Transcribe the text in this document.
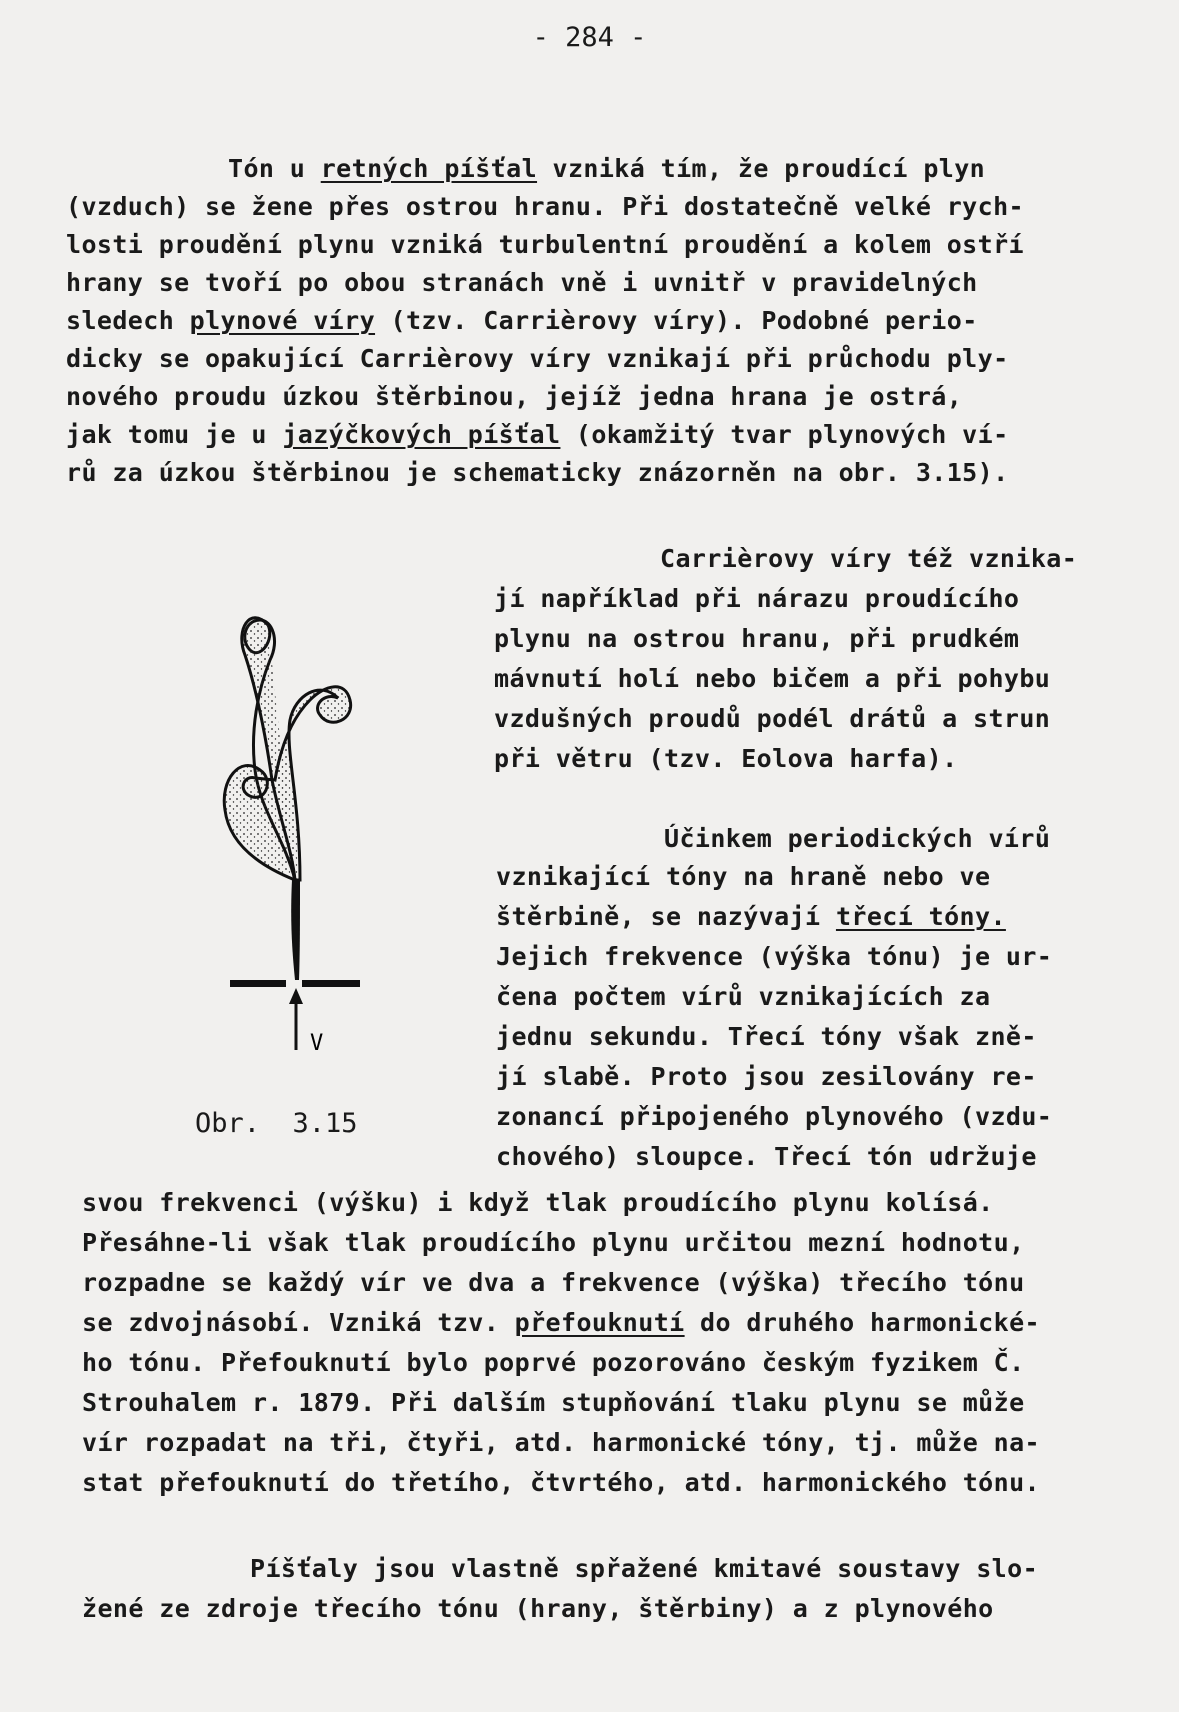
- 284 -
Tón u retných píšťal vzniká tím, že proudící plyn
(vzduch) se žene přes ostrou hranu. Při dostatečně velké rych-
losti proudění plynu vzniká turbulentní proudění a kolem ostří
hrany se tvoří po obou stranách vně i uvnitř v pravidelných
sledech plynové víry (tzv. Carrièrovy víry). Podobné perio-
dicky se opakující Carrièrovy víry vznikají při průchodu ply-
nového proudu úzkou štěrbinou, jejíž jedna hrana je ostrá,
jak tomu je u jazýčkových píšťal (okamžitý tvar plynových ví-
rů za úzkou štěrbinou je schematicky znázorněn na obr. 3.15).
Carrièrovy víry též vznika-
jí například při nárazu proudícího
plynu na ostrou hranu, při prudkém
mávnutí holí nebo bičem a při pohybu
vzdušných proudů podél drátů a strun
při větru (tzv. Eolova harfa).
Účinkem periodických vírů
vznikající tóny na hraně nebo ve
štěrbině, se nazývají třecí tóny.
Jejich frekvence (výška tónu) je ur-
čena počtem vírů vznikajících za
jednu sekundu. Třecí tóny však zně-
jí slabě. Proto jsou zesilovány re-
zonancí připojeného plynového (vzdu-
chového) sloupce. Třecí tón udržuje
svou frekvenci (výšku) i když tlak proudícího plynu kolísá.
Přesáhne-li však tlak proudícího plynu určitou mezní hodnotu,
rozpadne se každý vír ve dva a frekvence (výška) třecího tónu
se zdvojnásobí. Vzniká tzv. přefouknutí do druhého harmonické-
ho tónu. Přefouknutí bylo poprvé pozorováno českým fyzikem Č.
Strouhalem r. 1879. Při dalším stupňování tlaku plynu se může
vír rozpadat na tři, čtyři, atd. harmonické tóny, tj. může na-
stat přefouknutí do třetího, čtvrtého, atd. harmonického tónu.
Píšťaly jsou vlastně spřažené kmitavé soustavy slo-
žené ze zdroje třecího tónu (hrany, štěrbiny) a z plynového
V
Obr.  3.15
